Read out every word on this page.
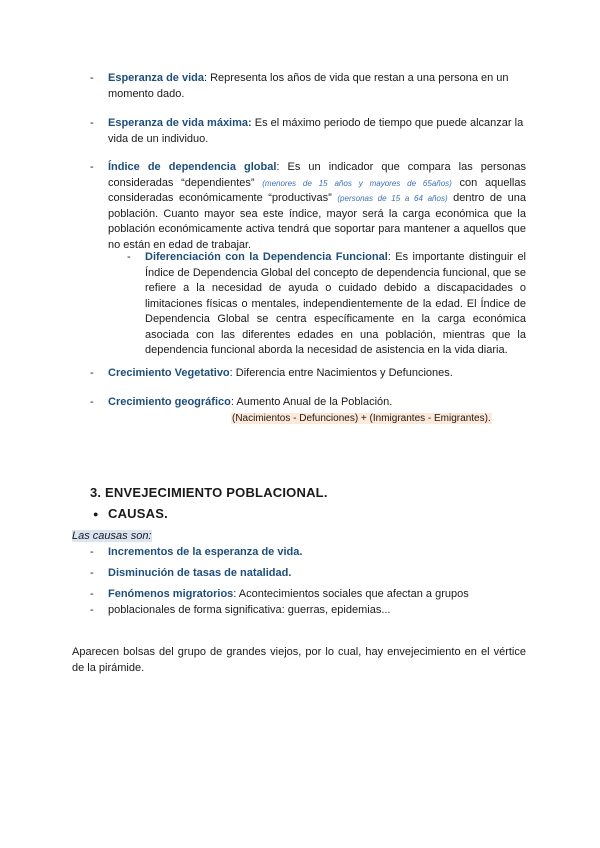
- Esperanza de vida: Representa los años de vida que restan a una persona en un momento dado.
- Esperanza de vida máxima: Es el máximo periodo de tiempo que puede alcanzar la vida de un individuo.
- Índice de dependencia global: Es un indicador que compara las personas consideradas “dependientes” (menores de 15 años y mayores de 65años) con aquellas consideradas económicamente “productivas” (personas de 15 a 64 años) dentro de una población. Cuanto mayor sea este índice, mayor será la carga económica que la población económicamente activa tendrá que soportar para mantener a aquellos que no están en edad de trabajar.
- Diferenciación con la Dependencia Funcional: Es importante distinguir el Índice de Dependencia Global del concepto de dependencia funcional, que se refiere a la necesidad de ayuda o cuidado debido a discapacidades o limitaciones físicas o mentales, independientemente de la edad. El Índice de Dependencia Global se centra específicamente en la carga económica asociada con las diferentes edades en una población, mientras que la dependencia funcional aborda la necesidad de asistencia en la vida diaria.
- Crecimiento Vegetativo: Diferencia entre Nacimientos y Defunciones.
- Crecimiento geográfico: Aumento Anual de la Población.
(Nacimientos - Defunciones) + (Inmigrantes - Emigrantes).
3. ENVEJECIMIENTO POBLACIONAL.
● CAUSAS.
Las causas son:
- Incrementos de la esperanza de vida.
- Disminución de tasas de natalidad.
- Fenómenos migratorios: Acontecimientos sociales que afectan a grupos
- poblacionales de forma significativa: guerras, epidemias...
Aparecen bolsas del grupo de grandes viejos, por lo cual, hay envejecimiento en el vértice de la pirámide.
